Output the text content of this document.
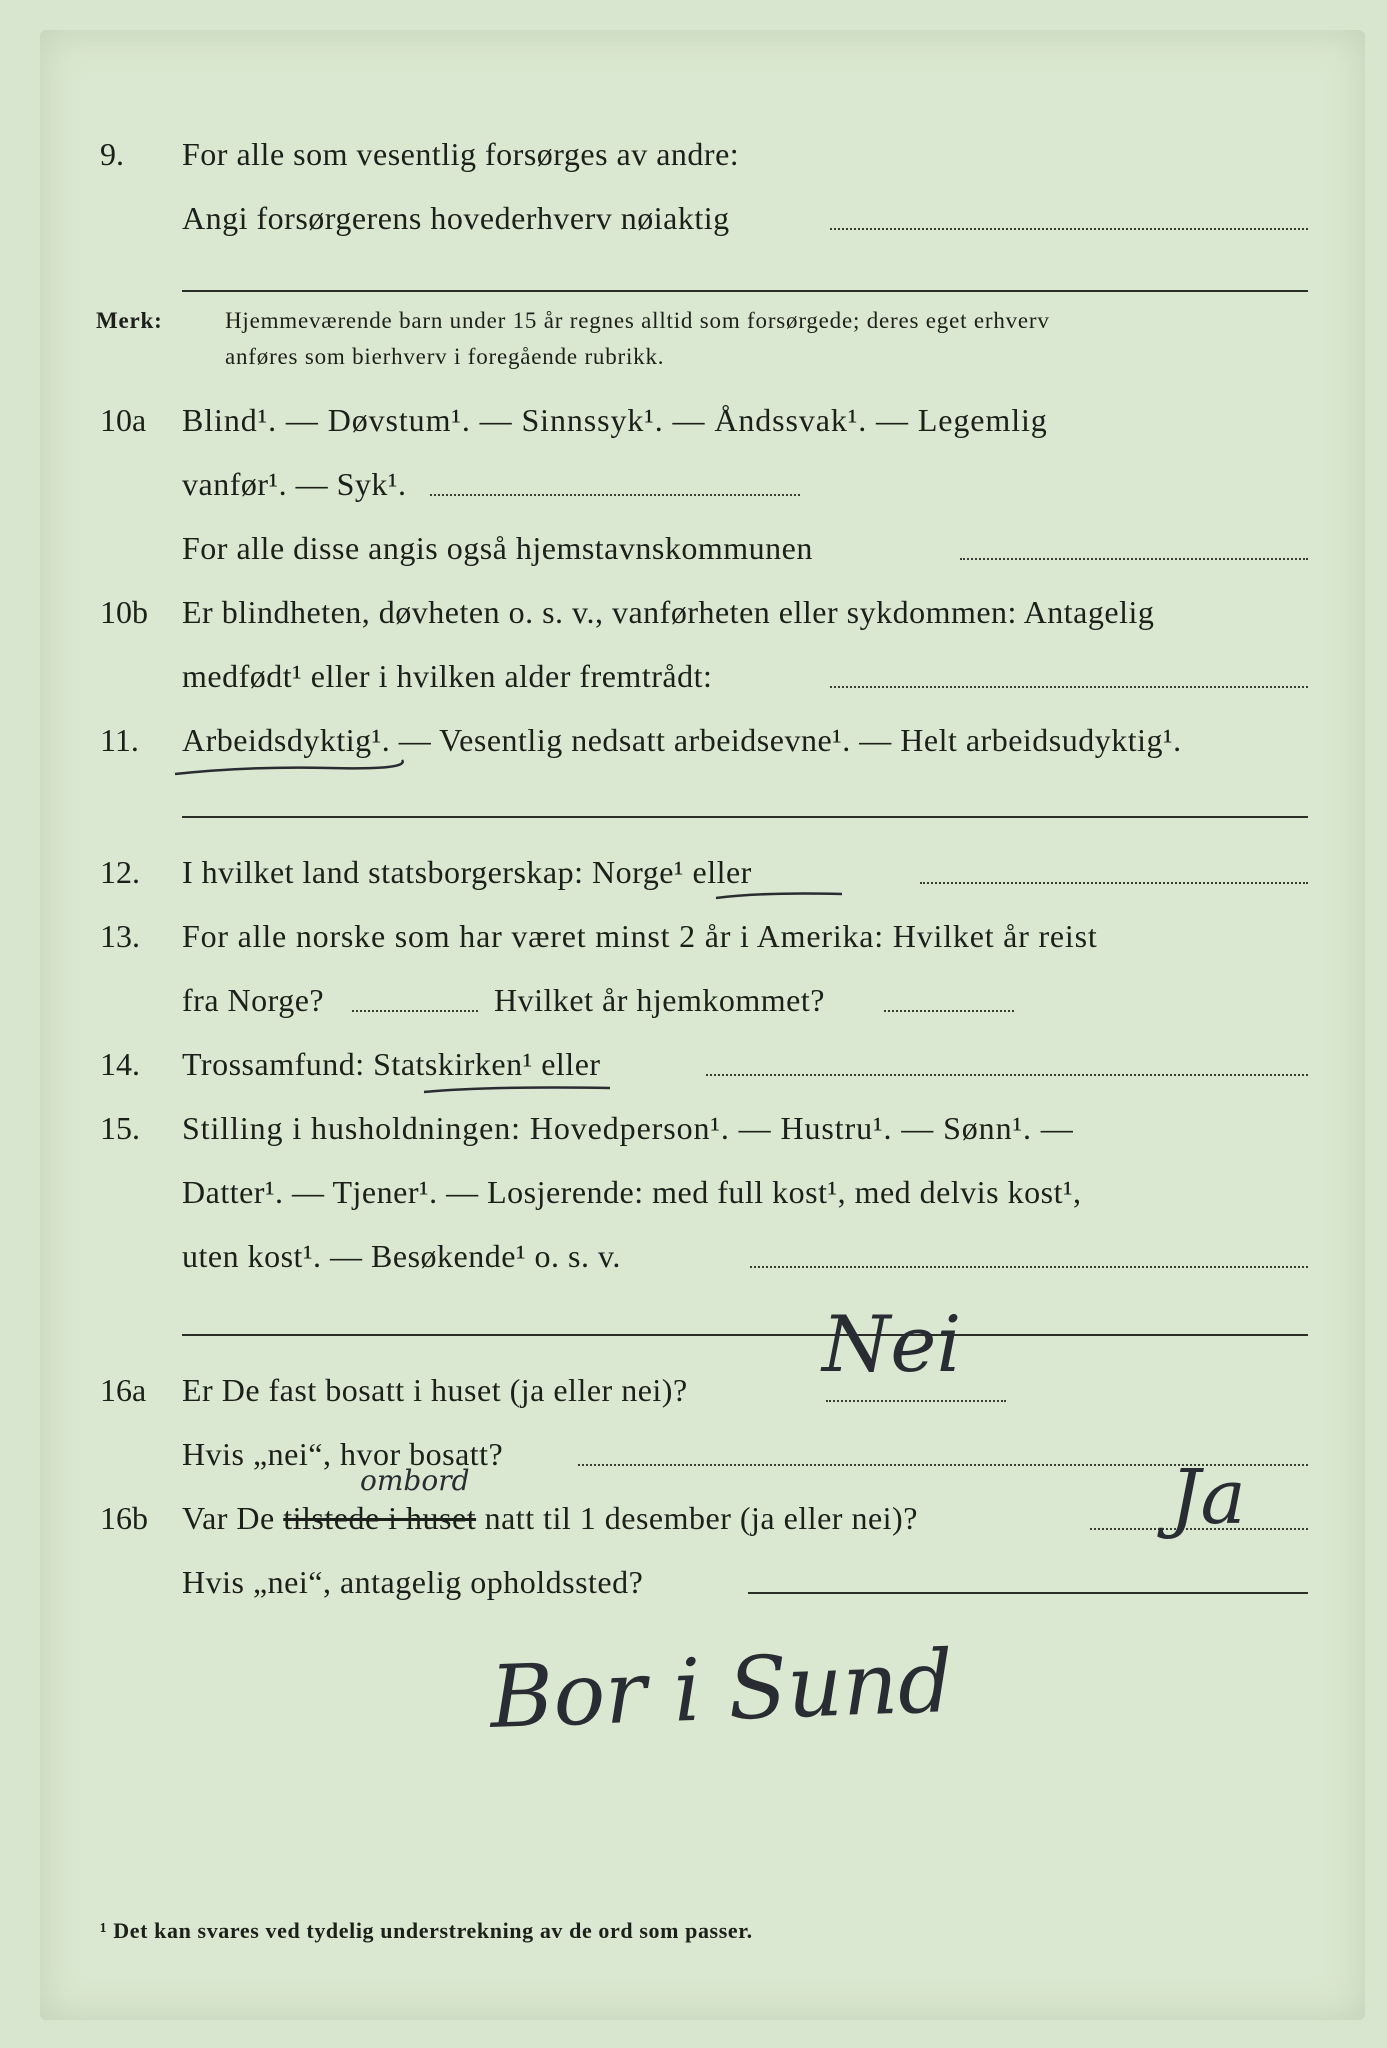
9. For alle som vesentlig forsørges av andre:
Angi forsørgerens hovederhverv nøiaktig
Merk:	Hjemmeværende barn under 15 år regnes alltid som forsørgede; deres eget erhverv
anføres som bierhverv i foregående rubrikk.
10a Blind¹. — Døvstum¹. — Sinnssyk¹. — Åndssvak¹. — Legemlig
vanfør¹. — Syk¹.
For alle disse angis også hjemstavnskommunen
10b Er blindheten, døvheten o. s. v., vanførheten eller sykdommen: Antagelig
medfødt¹ eller i hvilken alder fremtrådt:
11. Arbeidsdyktig¹. — Vesentlig nedsatt arbeidsevne¹. — Helt arbeidsudyktig¹.
12. I hvilket land statsborgerskap: Norge¹ eller
13. For alle norske som har været minst 2 år i Amerika: Hvilket år reist
fra Norge?	Hvilket år hjemkommet?
14. Trossamfund: Statskirken¹ eller
15. Stilling i husholdningen: Hovedperson¹. — Hustru¹. — Sønn¹. —
Datter¹. — Tjener¹. — Losjerende: med full kost¹, med delvis kost¹,
uten kost¹. — Besøkende¹ o. s. v.
16a Er De fast bosatt i huset (ja eller nei)? Nei
Hvis „nei“, hvor bosatt?
16b Var De tilstede i huset natt til 1 desember (ja eller nei)?
ombord	Ja
Hvis „nei“, antagelig opholdssted?
Bor i Sund
¹ Det kan svares ved tydelig understrekning av de ord som passer.
